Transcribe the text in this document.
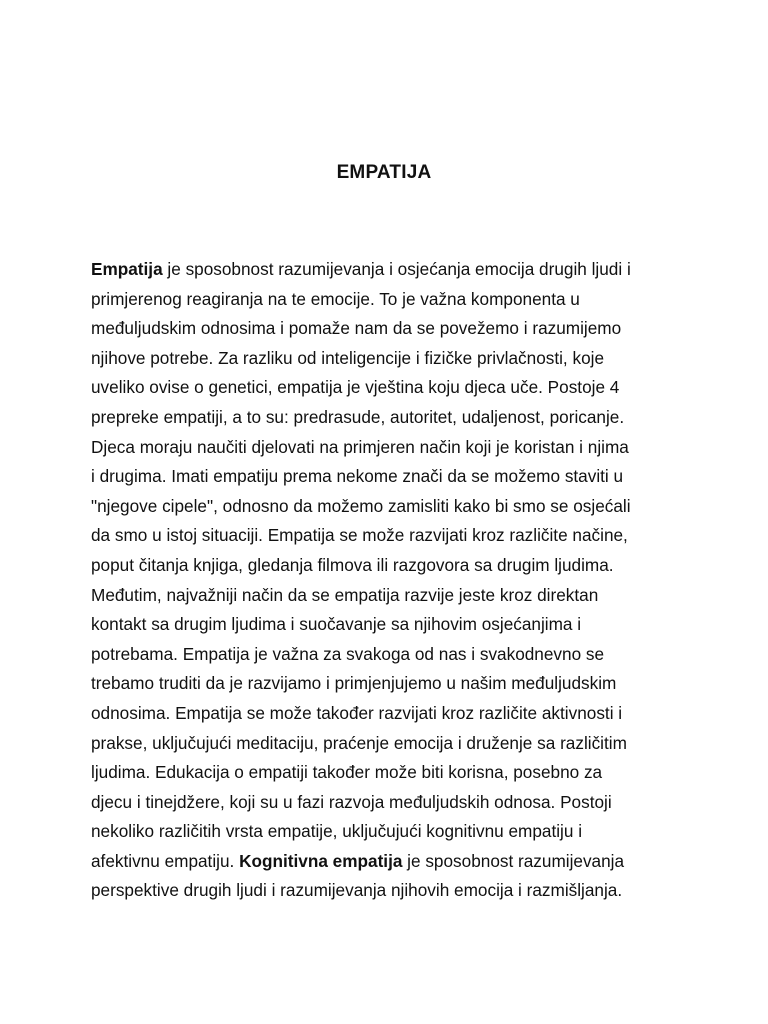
EMPATIJA

Empatija je sposobnost razumijevanja i osjećanja emocija drugih ljudi i
primjerenog reagiranja na te emocije. To je važna komponenta u
međuljudskim odnosima i pomaže nam da se povežemo i razumijemo
njihove potrebe. Za razliku od inteligencije i fizičke privlačnosti, koje
uveliko ovise o genetici, empatija je vještina koju djeca uče. Postoje 4
prepreke empatiji, a to su: predrasude, autoritet, udaljenost, poricanje.
Djeca moraju naučiti djelovati na primjeren način koji je koristan i njima
i drugima. Imati empatiju prema nekome znači da se možemo staviti u
"njegove cipele", odnosno da možemo zamisliti kako bi smo se osjećali
da smo u istoj situaciji. Empatija se može razvijati kroz različite načine,
poput čitanja knjiga, gledanja filmova ili razgovora sa drugim ljudima.
Međutim, najvažniji način da se empatija razvije jeste kroz direktan
kontakt sa drugim ljudima i suočavanje sa njihovim osjećanjima i
potrebama. Empatija je važna za svakoga od nas i svakodnevno se
trebamo truditi da je razvijamo i primjenjujemo u našim međuljudskim
odnosima. Empatija se može također razvijati kroz različite aktivnosti i
prakse, uključujući meditaciju, praćenje emocija i druženje sa različitim
ljudima. Edukacija o empatiji također može biti korisna, posebno za
djecu i tinejdžere, koji su u fazi razvoja međuljudskih odnosa. Postoji
nekoliko različitih vrsta empatije, uključujući kognitivnu empatiju i
afektivnu empatiju. Kognitivna empatija je sposobnost razumijevanja
perspektive drugih ljudi i razumijevanja njihovih emocija i razmišljanja.
